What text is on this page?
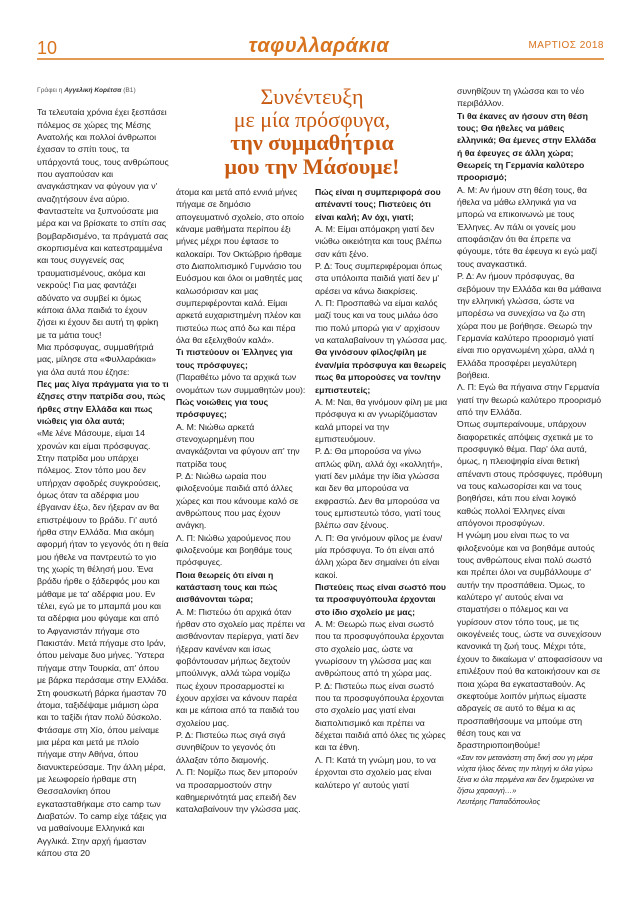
10	ταφυλλαράκια	ΜΑΡΤΙΟΣ 2018
Συνέντευξη
με μία πρόσφυγα,
την συμμαθήτρια
μου την Μάσουμε!
Γράφει η Αγγελική Κορέτσα (Β1)

Τα τελευταία χρόνια έχει ξεσπάσει πόλεμος σε χώρες της Μέσης Ανατολής και πολλοί άνθρωποι έχασαν το σπίτι τους, τα υπάρχοντά τους, τους ανθρώπους που αγαπούσαν και αναγκάστηκαν να φύγουν για ν' αναζητήσουν ένα αύριο.

Φανταστείτε να ξυπνούσατε μια μέρα και να βρίσκατε το σπίτι σας βομβαρδισμένο, τα πράγματά σας σκορπισμένα και κατεστραμμένα και τους συγγενείς σας τραυματισμένους, ακόμα και νεκρούς! Για μας φαντάζει αδύνατο να συμβεί κι όμως κάποια άλλα παιδιά το έχουν ζήσει κι έχουν δει αυτή τη φρίκη με τα μάτια τους!

Μια πρόσφυγας, συμμαθήτριά μας, μίλησε στα «Φυλλαράκια» για όλα αυτά που έζησε:

Πες μας λίγα πράγματα για το τι έζησες στην πατρίδα σου, πώς ήρθες στην Ελλάδα και πως νιώθεις για όλα αυτά;

«Με λένε Μάσουμε, είμαι 14 χρονών και είμαι πρόσφυγας. Στην πατρίδα μου υπάρχει πόλεμος. Στον τόπο μου δεν υπήρχαν σφοδρές συγκρούσεις, όμως όταν τα αδέρφια μου έβγαιναν έξω, δεν ήξεραν αν θα επιστρέψουν το βράδυ. Γι' αυτό ήρθα στην Ελλάδα. Μια ακόμη αφορμή ήταν το γεγονός ότι η θεία μου ήθελε να παντρευτώ το γιο της χωρίς τη θέλησή μου. Ένα βράδυ ήρθε ο ξάδερφός μου και μάθαμε με τα' αδέρφια μου. Εν τέλει, εγώ με το μπαμπά μου και τα αδέρφια μου φύγαμε και από το Αφγανιστάν πήγαμε στο Πακιστάν. Μετά πήγαμε στο Ιράν, όπου μείναμε δυο μήνες. Ύστερα πήγαμε στην Τουρκία, απ' όπου με βάρκα περάσαμε στην Ελλάδα.

Στη φουσκωτή βάρκα ήμασταν 70 άτομα, ταξιδέψαμε μιάμιση ώρα και το ταξίδι ήταν πολύ δύσκολο. Φτάσαμε στη Χίο, όπου μείναμε μια μέρα και μετά με πλοίο πήγαμε στην Αθήνα, όπου διανυκτερεύσαμε. Την άλλη μέρα, με λεωφορείο ήρθαμε στη Θεσσαλονίκη όπου εγκατασταθήκαμε στο camp των Διαβατών. Το camp είχε τάξεις για να μαθαίνουμε Ελληνικά και Αγγλικά. Στην αρχή ήμασταν κάπου στα 20

άτομα και μετά από εννιά μήνες πήγαμε σε δημόσιο απογευματινό σχολείο, στο οποίο κάναμε μαθήματα περίπου έξι μήνες μέχρι που έφτασε το καλοκαίρι. Τον Οκτώβριο ήρθαμε στο Διαπολιτισμικό Γυμνάσιο του Ευόσμου και όλοι οι μαθητές μας καλωσόρισαν και μας συμπεριφέρονται καλά. Είμαι αρκετά ευχαριστημένη πλέον και πιστεύω πως από δω και πέρα όλα θα εξελιχθούν καλά».

Τι πιστεύουν οι Έλληνες για τους πρόσφυγες;

(Παραθέτω μόνο τα αρχικά των ονομάτων των συμμαθητών μου):

Πώς νοιώθεις για τους πρόσφυγες;

Α. Μ: Νιώθω αρκετά στενοχωρημένη που αναγκάζονται να φύγουν απ' την πατρίδα τους

Ρ. Δ: Νιώθω ωραία που φιλοξενούμε παιδιά από άλλες χώρες και που κάνουμε καλό σε ανθρώπους που μας έχουν ανάγκη.

Λ. Π: Νιώθω χαρούμενος που φιλοξενούμε και βοηθάμε τους πρόσφυγες.

Ποια θεωρείς ότι είναι η κατάσταση τους και πώς αισθάνονται τώρα;

Α. Μ: Πιστεύω ότι αρχικά όταν ήρθαν στο σχολείο μας πρέπει να αισθάνονταν περίεργα, γιατί δεν ήξεραν κανέναν και ίσως φοβόντουσαν μήπως δεχτούν μπούλινγκ, αλλά τώρα νομίζω πως έχουν προσαρμοστεί κι έχουν αρχίσει να κάνουν παρέα και με κάποια από τα παιδιά του σχολείου μας.

Ρ. Δ: Πιστεύω πως σιγά σιγά συνηθίζουν το γεγονός ότι άλλαξαν τόπο διαμονής.

Λ. Π: Νομίζω πως δεν μπορούν να προσαρμοστούν στην καθημερινότητά μας επειδή δεν καταλαβαίνουν την γλώσσα μας.

Πώς είναι η συμπεριφορά σου απέναντί τους; Πιστεύεις ότι είναι καλή; Αν όχι, γιατί;

Α. Μ: Είμαι απόμακρη γιατί δεν νιώθω οικειότητα και τους βλέπω σαν κάτι ξένο.

Ρ. Δ: Τους συμπεριφέρομαι όπως στα υπόλοιπα παιδιά γιατί δεν μ' αρέσει να κάνω διακρίσεις.

Λ. Π: Προσπαθώ να είμαι καλός μαζί τους και να τους μιλάω όσο πιο πολύ μπορώ για ν' αρχίσουν να καταλαβαίνουν τη γλώσσα μας.

Θα γινόσουν φίλος/φίλη με έναν/μία πρόσφυγα και θεωρείς πως θα μπορούσες να τον/την εμπιστευτείς;

Α. Μ: Ναι, θα γινόμουν φίλη με μια πρόσφυγα κι αν γνωρίζόμασταν καλά μπορεί να την εμπιστευόμουν.

Ρ. Δ: Θα μπορούσα να γίνω απλώς φίλη, αλλά όχι «κολλητή», γιατί δεν μιλάμε την ίδια γλώσσα και δεν θα μπορούσα να εκφραστώ. Δεν θα μπορούσα να τους εμπιστευτώ τόσο, γιατί τους βλέπω σαν ξένους.

Λ. Π: Θα γινόμουν φίλος με έναν/μία πρόσφυγα. Το ότι είναι από άλλη χώρα δεν σημαίνει ότι είναι κακοί.

Πιστεύεις πως είναι σωστό που τα προσφυγόπουλα έρχονται στο ίδιο σχολείο με μας;

Α. Μ: Θεωρώ πως είναι σωστό που τα προσφυγόπουλα έρχονται στο σχολείο μας, ώστε να γνωρίσουν τη γλώσσα μας και ανθρώπους από τη χώρα μας.

Ρ. Δ: Πιστεύω πως είναι σωστό που τα προσφυγόπουλα έρχονται στο σχολείο μας γιατί είναι διαπολιτισμικό και πρέπει να δέχεται παιδιά από όλες τις χώρες και τα έθνη.

Λ. Π: Κατά τη γνώμη μου, το να έρχονται στο σχολείο μας είναι καλύτερο γι' αυτούς γιατί

συνηθίζουν τη γλώσσα και το νέο περιβάλλον.

Τι θα έκανες αν ήσουν στη θέση τους; Θα ήθελες να μάθεις ελληνικά; Θα έμενες στην Ελλάδα ή θα έφευγες σε άλλη χώρα; Θεωρείς τη Γερμανία καλύτερο προορισμό;

Α. Μ: Αν ήμουν στη θέση τους, θα ήθελα να μάθω ελληνικά για να μπορώ να επικοινωνώ με τους Έλληνες. Αν πάλι οι γονείς μου αποφάσιζαν ότι θα έπρεπε να φύγουμε, τότε θα έφευγα κι εγώ μαζί τους αναγκαστικά.

Ρ. Δ: Αν ήμουν πρόσφυγας, θα σεβόμουν την Ελλάδα και θα μάθαινα την ελληνική γλώσσα, ώστε να μπορέσω να συνεχίσω να ζω στη χώρα που με βοήθησε. Θεωρώ την Γερμανία καλύτερο προορισμό γιατί είναι πιο οργανωμένη χώρα, αλλά η Ελλάδα προσφέρει μεγαλύτερη βοήθεια.

Λ. Π: Εγώ θα πήγαινα στην Γερμανία γιατί την θεωρώ καλύτερο προορισμό από την Ελλάδα.

Όπως συμπεραίνουμε, υπάρχουν διαφορετικές απόψεις σχετικά με το προσφυγικό θέμα. Παρ' όλα αυτά, όμως, η πλειοψηφία είναι θετική απέναντι στους πρόσφυγες, πρόθυμη να τους καλωσορίσει και να τους βοηθήσει, κάτι που είναι λογικό καθώς πολλοί Έλληνες είναι απόγονοι προσφύγων.

Η γνώμη μου είναι πως το να φιλοξενούμε και να βοηθάμε αυτούς τους ανθρώπους είναι πολύ σωστό και πρέπει όλοι να συμβάλλουμε σ' αυτήν την προσπάθεια. Όμως, το καλύτερο γι' αυτούς είναι να σταματήσει ο πόλεμος και να γυρίσουν στον τόπο τους, με τις οικογένειές τους, ώστε να συνεχίσουν κανονικά τη ζωή τους. Μέχρι τότε, έχουν το δικαίωμα ν' αποφασίσουν να επιλέξουν πού θα κατοικήσουν και σε ποια χώρα θα εγκατασταθούν. Ας σκεφτούμε λοιπόν μήπως είμαστε αδραγείς σε αυτό το θέμα κι ας προσπαθήσουμε να μπούμε στη θέση τους και να δραστηριοποιηθούμε!

«Σαν τον μετανάστη στη δική σου γη μέρα νύχτα ήλιος δένεις την πληγή κι όλα γύρω ξένα κι όλα περιμένα και δεν ξημερώνει να ζήσω χαραυγή…»
Λευτέρης Παπαδόπουλος
